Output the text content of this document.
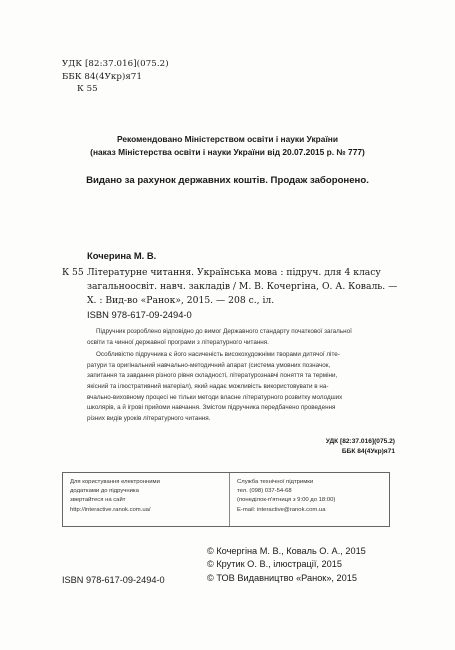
УДК [82:37.016](075.2)
ББК 84(4Укр)я71
К 55
Рекомендовано Міністерством освіти і науки України
(наказ Міністерства освіти і науки України від 20.07.2015 р. № 777)
Видано за рахунок державних коштів. Продаж заборонено.
Кочерина М. В.
К 55 Літературне читання. Українська мова : підруч. для 4 класу
загальноосвіт. навч. закладів / М. В. Кочергіна, О. А. Коваль. —
Х. : Вид-во «Ранок», 2015. — 208 с., іл.
ISBN 978-617-09-2494-0
Підручник розроблено відповідно до вимог Державного стандарту початкової загальної
освіти та чинної державної програми з літературного читання.
Особливістю підручника є його насиченість високохудожніми творами дитячої літе-
ратури та оригінальний навчально-методичний апарат (система умовних позначок,
запитання та завдання різного рівня складності, літературознавчі поняття та терміни,
якісний та ілюстративний матеріал), який надає можливість використовувати в на-
вчально-виховному процесі не тільки методи власне літературного розвитку молодших
школярів, а й ігрові прийоми навчання. Змістом підручника передбачено проведення
різних видів уроків літературного читання.
УДК [82:37.016](075.2)
ББК 84(4Укр)я71
Для користування електронними
додатками до підручника
звертайтеся на сайт
http://interactive.ranok.com.ua/
Служба технічної підтримки
тел. (098) 037-54-68
(понеділок-п'ятниця з 9:00 до 18:00)
E-mail: interactive@ranok.com.ua
© Кочергіна М. В., Коваль О. А., 2015
© Крутик О. В., ілюстрації, 2015
© ТОВ Видавництво «Ранок», 2015
ISBN 978-617-09-2494-0
